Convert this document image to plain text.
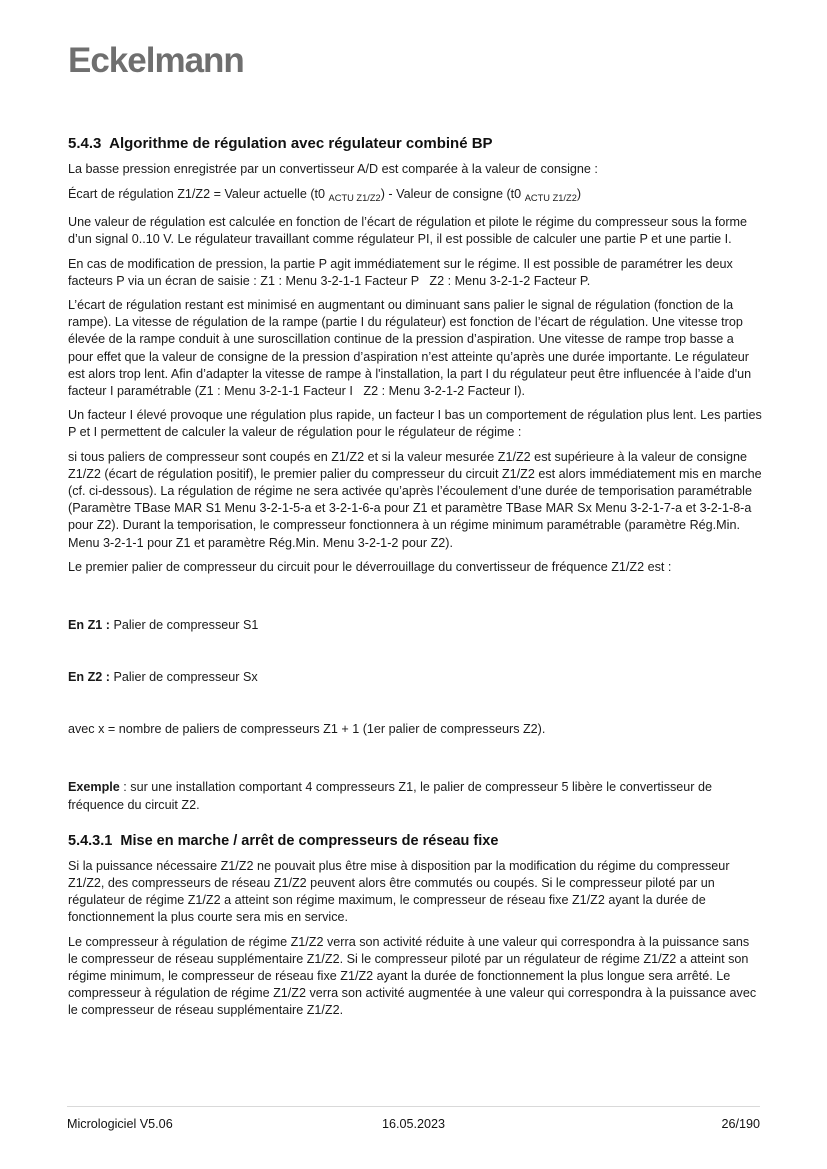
Eckelmann
5.4.3  Algorithme de régulation avec régulateur combiné BP

La basse pression enregistrée par un convertisseur A/D est comparée à la valeur de consigne :

Écart de régulation Z1/Z2 = Valeur actuelle (t0 $_{ACTU Z1/Z2}$) - Valeur de consigne (t0 $_{ACTU Z1/Z2}$)

Une valeur de régulation est calculée en fonction de l’écart de régulation et pilote le régime du compresseur sous la forme d’un signal 0..10 V. Le régulateur travaillant comme régulateur PI, il est possible de calculer une partie P et une partie I.

En cas de modification de pression, la partie P agit immédiatement sur le régime. Il est possible de paramétrer les deux facteurs P via un écran de saisie : Z1 : Menu 3-2-1-1 Facteur P   Z2 : Menu 3-2-1-2 Facteur P.

L’écart de régulation restant est minimisé en augmentant ou diminuant sans palier le signal de régulation (fonction de la rampe). La vitesse de régulation de la rampe (partie I du régulateur) est fonction de l’écart de régulation. Une vitesse trop élevée de la rampe conduit à une suroscillation continue de la pression d’aspiration. Une vitesse de rampe trop basse a pour effet que la valeur de consigne de la pression d’aspiration n’est atteinte qu’après une durée importante. Le régulateur est alors trop lent. Afin d’adapter la vitesse de rampe à l'installation, la part I du régulateur peut être influencée à l’aide d'un facteur I paramétrable (Z1 : Menu 3-2-1-1 Facteur I   Z2 : Menu 3-2-1-2 Facteur I).

Un facteur I élevé provoque une régulation plus rapide, un facteur I bas un comportement de régulation plus lent. Les parties P et I permettent de calculer la valeur de régulation pour le régulateur de régime :

si tous paliers de compresseur sont coupés en Z1/Z2 et si la valeur mesurée Z1/Z2 est supérieure à la valeur de consigne Z1/Z2 (écart de régulation positif), le premier palier du compresseur du circuit Z1/Z2 est alors immédiatement mis en marche (cf. ci-dessous). La régulation de régime ne sera activée qu’après l’écoulement d’une durée de temporisation paramétrable (Paramètre TBase MAR S1 Menu 3-2-1-5-a et 3-2-1-6-a pour Z1 et paramètre TBase MAR Sx Menu 3-2-1-7-a et 3-2-1-8-a pour Z2). Durant la temporisation, le compresseur fonctionnera à un régime minimum paramétrable (paramètre Rég.Min. Menu 3-2-1-1 pour Z1 et paramètre Rég.Min. Menu 3-2-1-2 pour Z2).

Le premier palier de compresseur du circuit pour le déverrouillage du convertisseur de fréquence Z1/Z2 est :

En Z1 : Palier de compresseur S1

En Z2 : Palier de compresseur Sx

avec x = nombre de paliers de compresseurs Z1 + 1 (1er palier de compresseurs Z2).

Exemple : sur une installation comportant 4 compresseurs Z1, le palier de compresseur 5 libère le convertisseur de fréquence du circuit Z2.

5.4.3.1  Mise en marche / arrêt de compresseurs de réseau fixe

Si la puissance nécessaire Z1/Z2 ne pouvait plus être mise à disposition par la modification du régime du compresseur Z1/Z2, des compresseurs de réseau Z1/Z2 peuvent alors être commutés ou coupés. Si le compresseur piloté par un régulateur de régime Z1/Z2 a atteint son régime maximum, le compresseur de réseau fixe Z1/Z2 ayant la durée de fonctionnement la plus courte sera mis en service.

Le compresseur à régulation de régime Z1/Z2 verra son activité réduite à une valeur qui correspondra à la puissance sans le compresseur de réseau supplémentaire Z1/Z2. Si le compresseur piloté par un régulateur de régime Z1/Z2 a atteint son régime minimum, le compresseur de réseau fixe Z1/Z2 ayant la durée de fonctionnement la plus longue sera arrêté. Le compresseur à régulation de régime Z1/Z2 verra son activité augmentée à une valeur qui correspondra à la puissance avec le compresseur de réseau supplémentaire Z1/Z2.

Micrologiciel V5.06	16.05.2023	26/190
